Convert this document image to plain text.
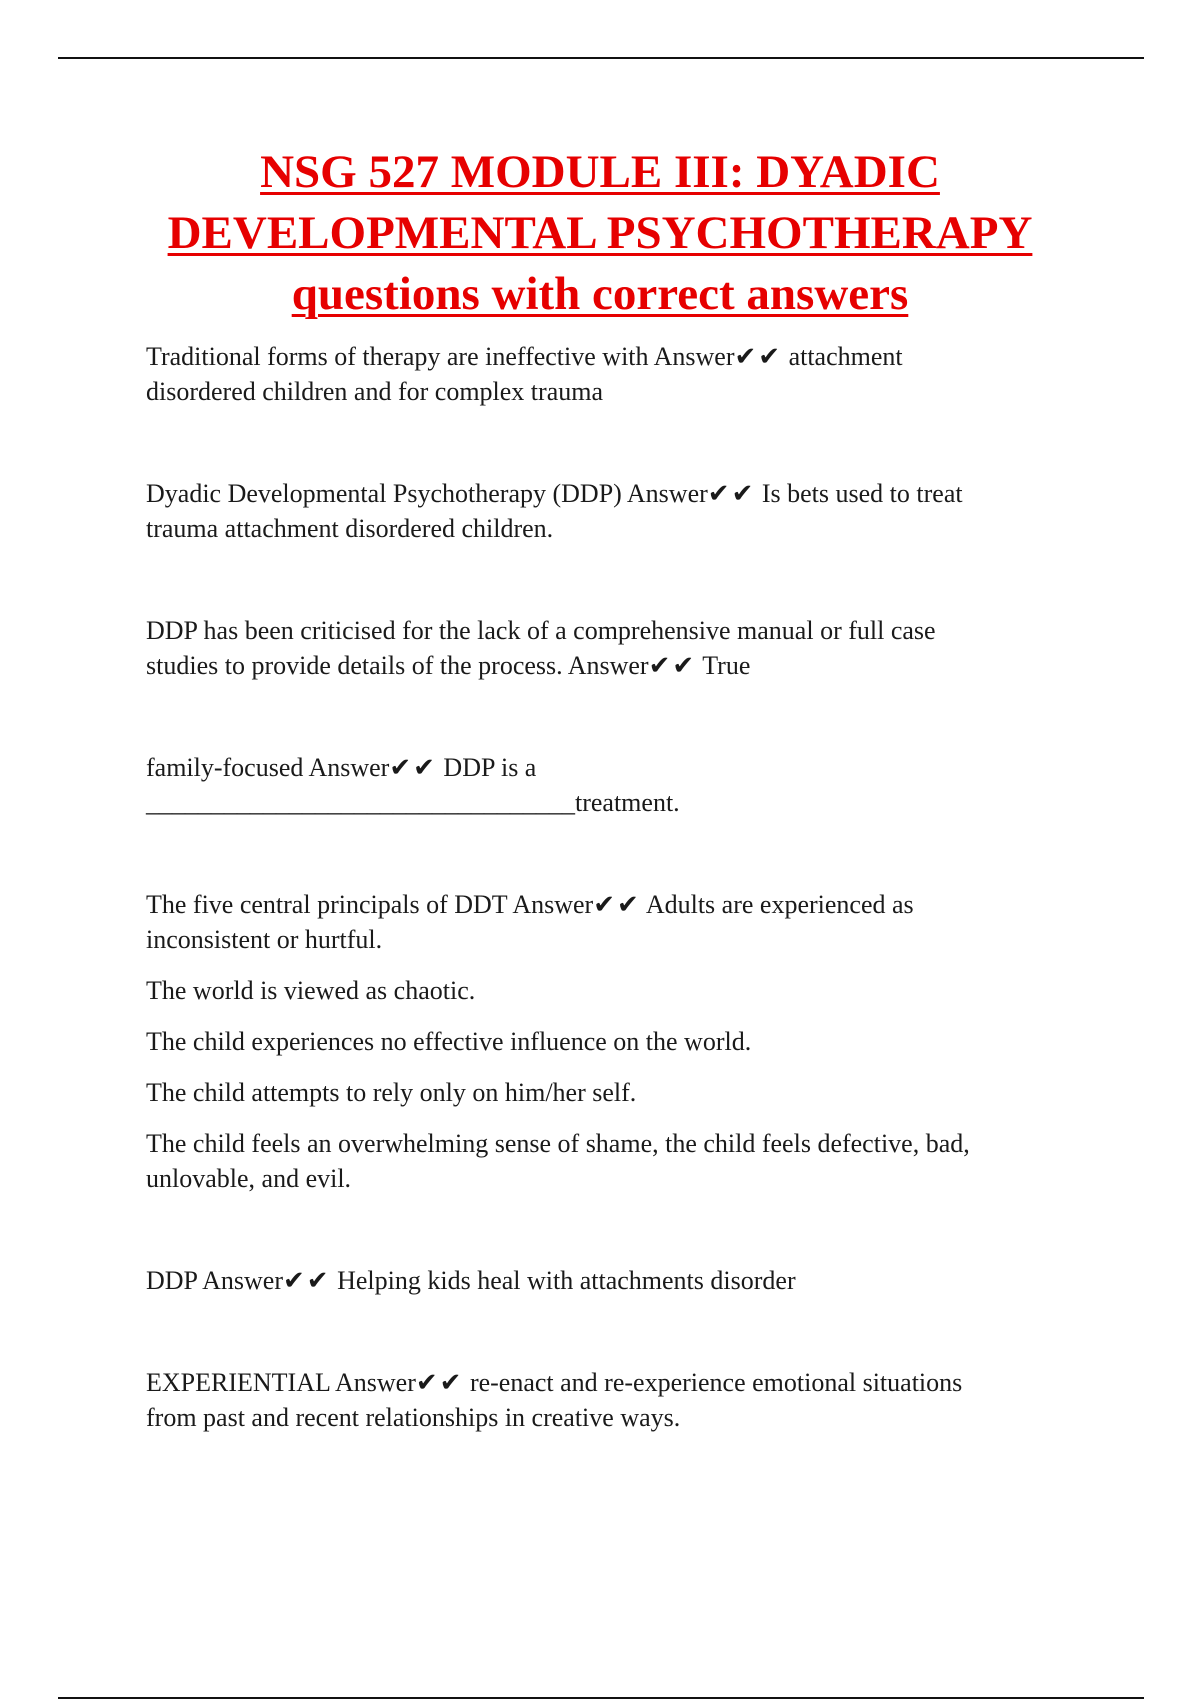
NSG 527 MODULE III: DYADIC
DEVELOPMENTAL PSYCHOTHERAPY
questions with correct answers

Traditional forms of therapy are ineffective with Answer✔✔ attachment
disordered children and for complex trauma

Dyadic Developmental Psychotherapy (DDP) Answer✔✔ Is bets used to treat
trauma attachment disordered children.

DDP has been criticised for the lack of a comprehensive manual or full case
studies to provide details of the process. Answer✔✔ True

family-focused Answer✔✔ DDP is a
_________________________________treatment.

The five central principals of DDT Answer✔✔ Adults are experienced as
inconsistent or hurtful.

The world is viewed as chaotic.

The child experiences no effective influence on the world.

The child attempts to rely only on him/her self.

The child feels an overwhelming sense of shame, the child feels defective, bad,
unlovable, and evil.

DDP Answer✔✔ Helping kids heal with attachments disorder

EXPERIENTIAL Answer✔✔ re-enact and re-experience emotional situations
from past and recent relationships in creative ways.
